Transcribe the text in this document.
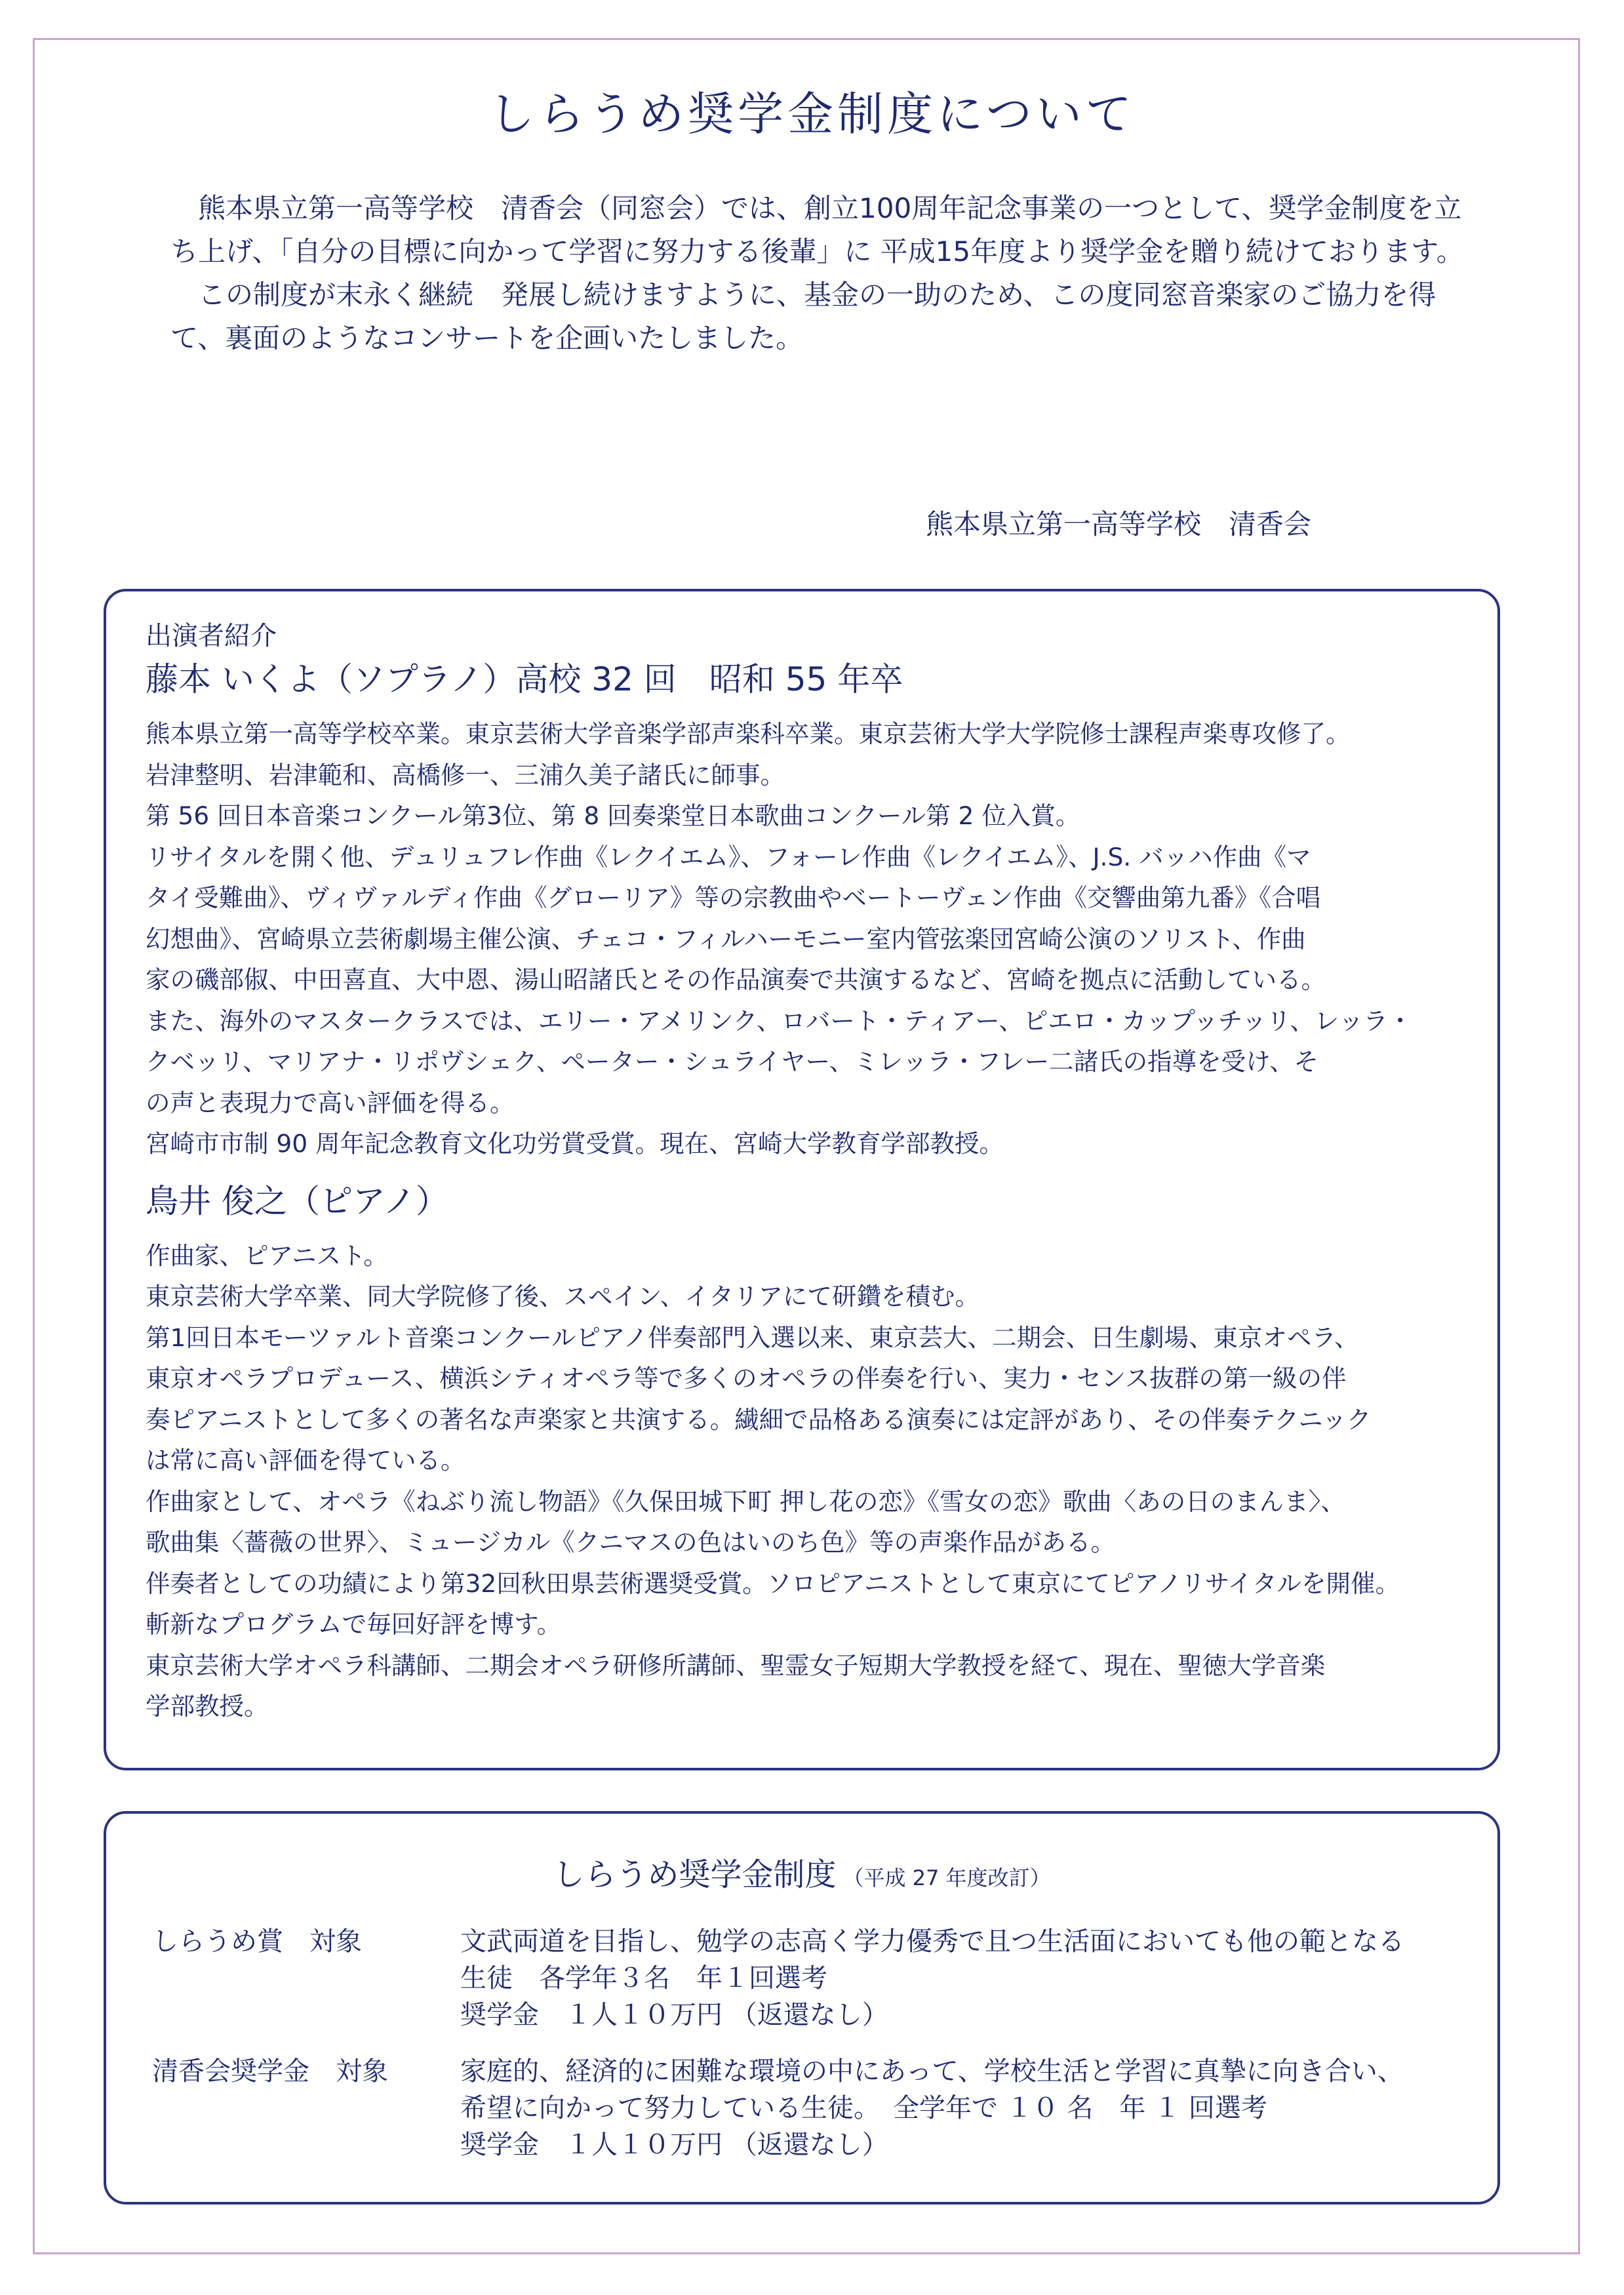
しらうめ奨学金制度について

熊本県立第一高等学校　清香会（同窓会）では、創立100周年記念事業の一つとして、奨学金制度を立ち上げ、「自分の目標に向かって学習に努力する後輩」に 平成15年度より奨学金を贈り続けております。

この制度が末永く継続　発展し続けますように、基金の一助のため、この度同窓音楽家のご協力を得て、裏面のようなコンサートを企画いたしました。

熊本県立第一高等学校　清香会

出演者紹介

藤本 いくよ（ソプラノ）高校 32 回　昭和 55 年卒
熊本県立第一高等学校卒業。東京芸術大学音楽学部声楽科卒業。東京芸術大学大学院修士課程声楽専攻修了。
岩津整明、岩津範和、高橋修一、三浦久美子諸氏に師事。
第 56 回日本音楽コンクール第3位、第 8 回奏楽堂日本歌曲コンクール第 2 位入賞。
リサイタルを開く他、デュリュフレ作曲《レクイエム》、フォーレ作曲《レクイエム》、J.S. バッハ作曲《マ
タイ受難曲》、ヴィヴァルディ作曲《グローリア》等の宗教曲やベートーヴェン作曲《交響曲第九番》《合唱
幻想曲》、宮崎県立芸術劇場主催公演、チェコ・フィルハーモニー室内管弦楽団宮崎公演のソリスト、作曲
家の磯部俶、中田喜直、大中恩、湯山昭諸氏とその作品演奏で共演するなど、宮崎を拠点に活動している。
また、海外のマスタークラスでは、エリー・アメリンク、ロバート・ティアー、ピエロ・カップッチッリ、レッラ・
クベッリ、マリアナ・リポヴシェク、ペーター・シュライヤー、ミレッラ・フレー二諸氏の指導を受け、そ
の声と表現力で高い評価を得る。
宮崎市市制 90 周年記念教育文化功労賞受賞。現在、宮崎大学教育学部教授。
鳥井 俊之（ピアノ）
作曲家、ピアニスト。
東京芸術大学卒業、同大学院修了後、スペイン、イタリアにて研鑽を積む。
第1回日本モーツァルト音楽コンクールピアノ伴奏部門入選以来、東京芸大、二期会、日生劇場、東京オペラ、
東京オペラプロデュース、横浜シティオペラ等で多くのオペラの伴奏を行い、実力・センス抜群の第一級の伴
奏ピアニストとして多くの著名な声楽家と共演する。繊細で品格ある演奏には定評があり、その伴奏テクニック
は常に高い評価を得ている。
作曲家として、オペラ《ねぶり流し物語》《久保田城下町 押し花の恋》《雪女の恋》歌曲〈あの日のまんま〉、
歌曲集〈薔薇の世界〉、ミュージカル《クニマスの色はいのち色》等の声楽作品がある。
伴奏者としての功績により第32回秋田県芸術選奨受賞。ソロピアニストとして東京にてピアノリサイタルを開催。
斬新なプログラムで毎回好評を博す。
東京芸術大学オペラ科講師、二期会オペラ研修所講師、聖霊女子短期大学教授を経て、現在、聖徳大学音楽
学部教授。
しらうめ奨学金制度 （平成 27 年度改訂）
しらうめ賞　対象	文武両道を目指し、勉学の志高く学力優秀で且つ生活面においても他の範となる
生徒　各学年３名　年１回選考
奨学金　１人１０万円 （返還なし）
清香会奨学金　対象	家庭的、経済的に困難な環境の中にあって、学校生活と学習に真摯に向き合い、
希望に向かって努力している生徒。　全学年で １０ 名　年 １ 回選考
奨学金　１人１０万円 （返還なし）
